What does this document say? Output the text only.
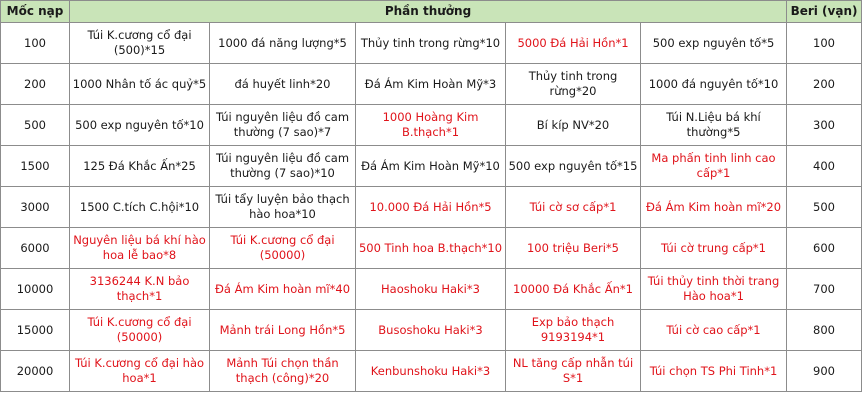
Mốc nạp	Phần thưởng					Beri (vạn)
100	Túi K.cương cổ đại (500)*15	1000 đá năng lượng*5	Thủy tinh trong rừng*10	5000 Đá Hải Hồn*1	500 exp nguyên tố*5	100
200	1000 Nhân tố ác quỷ*5	đá huyết linh*20	Đá Ám Kim Hoàn Mỹ*3	Thủy tinh trong rừng*20	1000 đá nguyên tố*10	200
500	500 exp nguyên tố*10	Túi nguyên liệu đồ cam thường (7 sao)*7	1000 Hoàng Kim B.thạch*1	Bí kíp NV*20	Túi N.Liệu bá khí thường*5	300
1500	125 Đá Khắc Ấn*25	Túi nguyên liệu đồ cam thường (7 sao)*10	Đá Ám Kim Hoàn Mỹ*10	500 exp nguyên tố*15	Ma phấn tinh linh cao cấp*1	400
3000	1500 C.tích C.hội*10	Túi tẩy luyện bảo thạch hào hoa*10	10.000 Đá Hải Hồn*5	Túi cờ sơ cấp*1	Đá Ám Kim hoàn mĩ*20	500
6000	Nguyên liệu bá khí hào hoa lễ bao*8	Túi K.cương cổ đại (50000)	500 Tinh hoa B.thạch*10	100 triệu Beri*5	Túi cờ trung cấp*1	600
10000	3136244 K.N bảo thạch*1	Đá Ám Kim hoàn mĩ*40	Haoshoku Haki*3	10000 Đá Khắc Ấn*1	Túi thủy tinh thời trang Hào hoa*1	700
15000	Túi K.cương cổ đại (50000)	Mảnh trái Long Hồn*5	Busoshoku Haki*3	Exp bảo thạch 9193194*1	Túi cờ cao cấp*1	800
20000	Túi K.cương cổ đại hào hoa*1	Mảnh Túi chọn thần thạch (công)*20	Kenbunshoku Haki*3	NL tăng cấp nhẫn túi S*1	Túi chọn TS Phi Tinh*1	900
